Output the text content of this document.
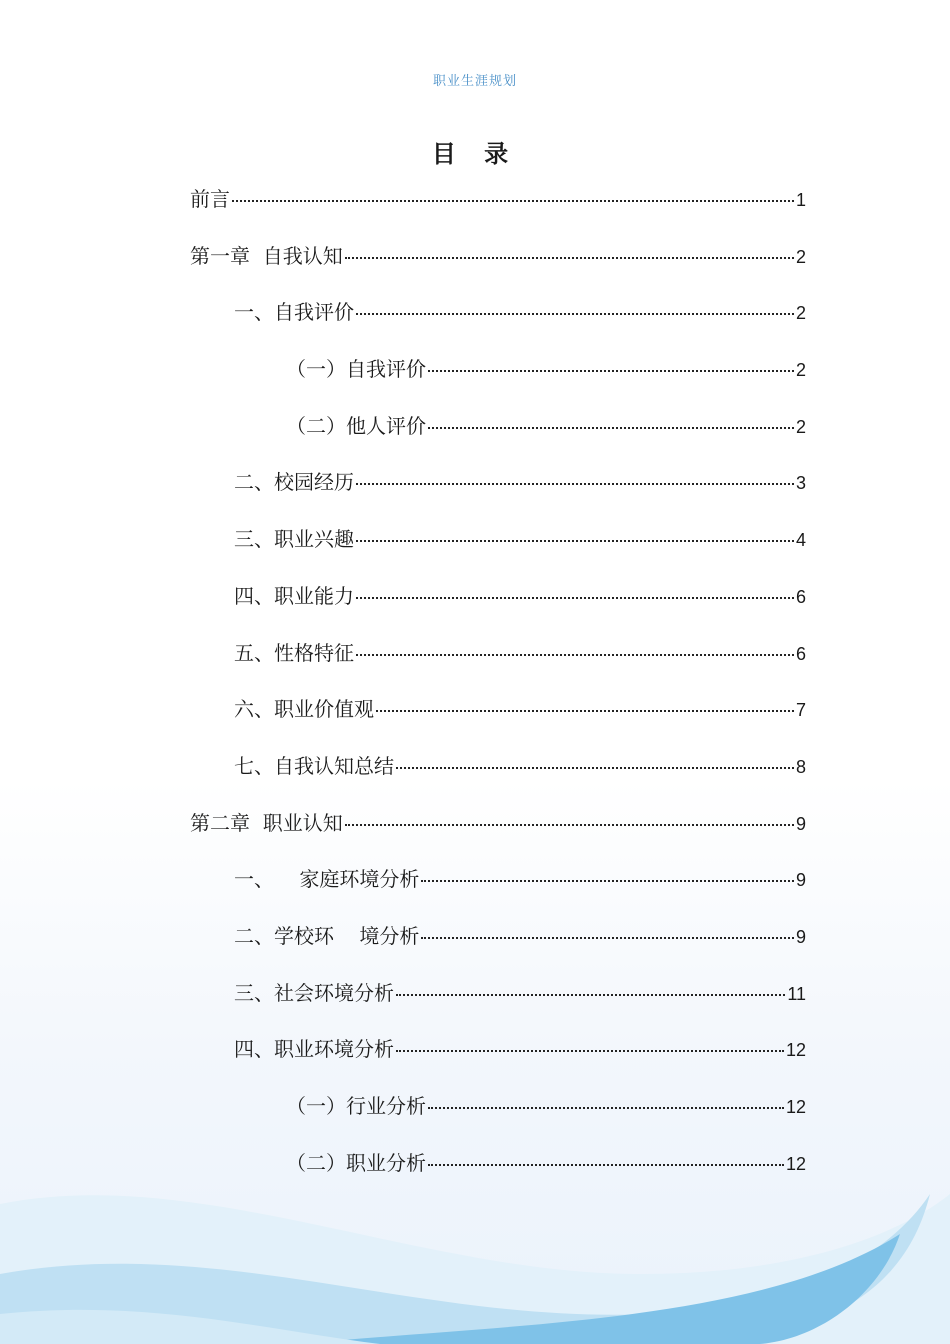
职业生涯规划
目 录
前言	1
第一章  自我认知	2
一、自我评价	2
（一）自我评价	2
（二）他人评价	2
二、校园经历	3
三、职业兴趣	4
四、职业能力	6
五、性格特征	6
六、职业价值观	7
七、自我认知总结	8
第二章  职业认知	9
一、    家庭环境分析	9
二、学校环    境分析	9
三、社会环境分析	11
四、职业环境分析	12
（一）行业分析	12
（二）职业分析	12
